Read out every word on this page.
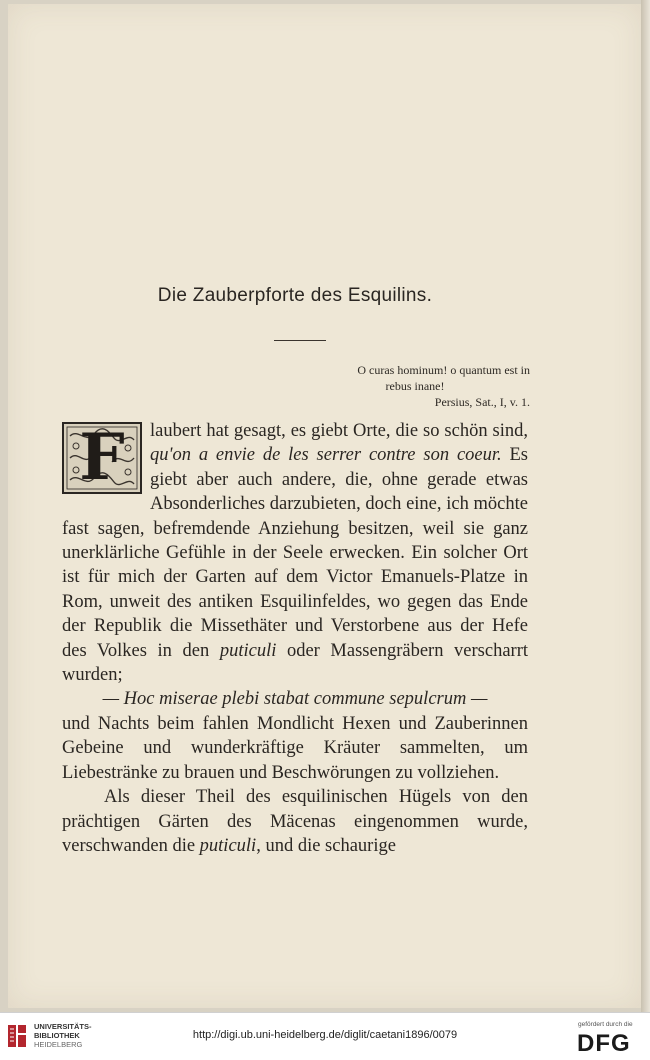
Die Zauberpforte des Esquilins.
O curas hominum! o quantum est in
rebus inane!
Persius, Sat., I, v. 1.

F	laubert hat gesagt, es giebt Orte, die so schön sind, qu'on a envie de les serrer contre son coeur. Es giebt aber auch andere, die, ohne gerade etwas Absonderliches darzubieten, doch eine, ich möchte fast sagen, befremdende Anziehung besitzen, weil sie ganz unerklärliche Gefühle in der Seele erwecken. Ein solcher Ort ist für mich der Garten auf dem Victor Emanuels-Platze in Rom, unweit des antiken Esquilinfeldes, wo gegen das Ende der Republik die Missethäter und Verstorbene aus der Hefe des Volkes in den puticuli oder Massengräbern verscharrt wurden;

— Hoc miserae plebi stabat commune sepulcrum —

und Nachts beim fahlen Mondlicht Hexen und Zauberinnen Gebeine und wunderkräftige Kräuter sammelten, um Liebestränke zu brauen und Beschwörungen zu vollziehen.

Als dieser Theil des esquilinischen Hügels von den prächtigen Gärten des Mäcenas eingenommen wurde, verschwanden die puticuli, und die schaurige

UNIVERSITÄTS-
BIBLIOTHEK
HEIDELBERG
http://digi.ub.uni-heidelberg.de/diglit/caetani1896/0079
gefördert durch die
DFG
